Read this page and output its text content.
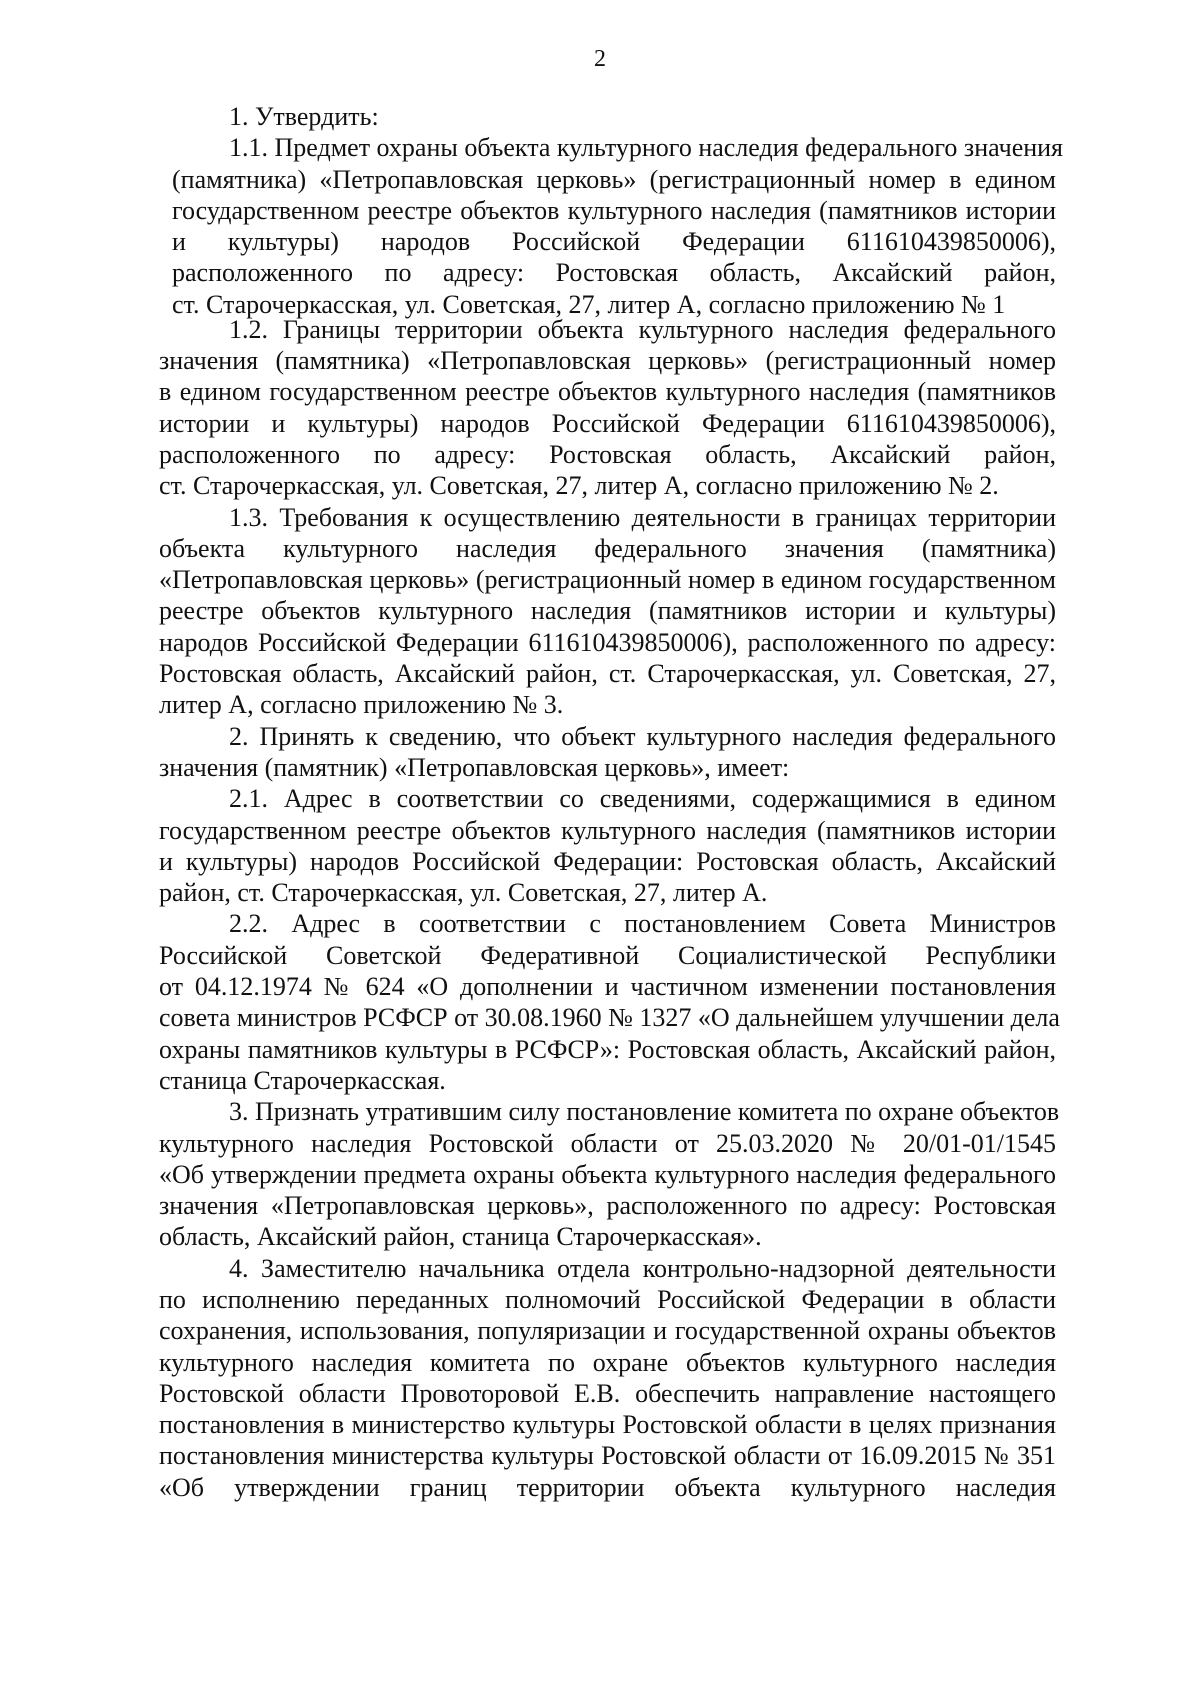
2
1. Утвердить:
1.1. Предмет охраны объекта культурного наследия федерального значения
(памятника) «Петропавловская церковь» (регистрационный номер в едином
государственном реестре объектов культурного наследия (памятников истории
и культуры) народов Российской Федерации 611610439850006),
расположенного по адресу: Ростовская область, Аксайский район,
ст. Старочеркасская, ул. Советская, 27, литер А, согласно приложению № 1
1.2. Границы территории объекта культурного наследия федерального
значения (памятника) «Петропавловская церковь» (регистрационный номер
в едином государственном реестре объектов культурного наследия (памятников
истории и культуры) народов Российской Федерации 611610439850006),
расположенного по адресу: Ростовская область, Аксайский район,
ст. Старочеркасская, ул. Советская, 27, литер А, согласно приложению № 2.
1.3. Требования к осуществлению деятельности в границах территории
объекта культурного наследия федерального значения (памятника)
«Петропавловская церковь» (регистрационный номер в едином государственном
реестре объектов культурного наследия (памятников истории и культуры)
народов Российской Федерации 611610439850006), расположенного по адресу:
Ростовская область, Аксайский район, ст. Старочеркасская, ул. Советская, 27,
литер А, согласно приложению № 3.
2. Принять к сведению, что объект культурного наследия федерального
значения (памятник) «Петропавловская церковь», имеет:
2.1. Адрес в соответствии со сведениями, содержащимися в едином
государственном реестре объектов культурного наследия (памятников истории
и культуры) народов Российской Федерации: Ростовская область, Аксайский
район, ст. Старочеркасская, ул. Советская, 27, литер А.
2.2. Адрес в соответствии с постановлением Совета Министров
Российской Советской Федеративной Социалистической Республики
от 04.12.1974 № 624 «О дополнении и частичном изменении постановления
совета министров РСФСР от 30.08.1960 № 1327 «О дальнейшем улучшении дела
охраны памятников культуры в РСФСР»: Ростовская область, Аксайский район,
станица Старочеркасская.
3. Признать утратившим силу постановление комитета по охране объектов
культурного наследия Ростовской области от 25.03.2020 № 20/01-01/1545
«Об утверждении предмета охраны объекта культурного наследия федерального
значения «Петропавловская церковь», расположенного по адресу: Ростовская
область, Аксайский район, станица Старочеркасская».
4. Заместителю начальника отдела контрольно-надзорной деятельности
по исполнению переданных полномочий Российской Федерации в области
сохранения, использования, популяризации и государственной охраны объектов
культурного наследия комитета по охране объектов культурного наследия
Ростовской области Провоторовой Е.В. обеспечить направление настоящего
постановления в министерство культуры Ростовской области в целях признания
постановления министерства культуры Ростовской области от 16.09.2015 № 351
«Об утверждении границ территории объекта культурного наследия
